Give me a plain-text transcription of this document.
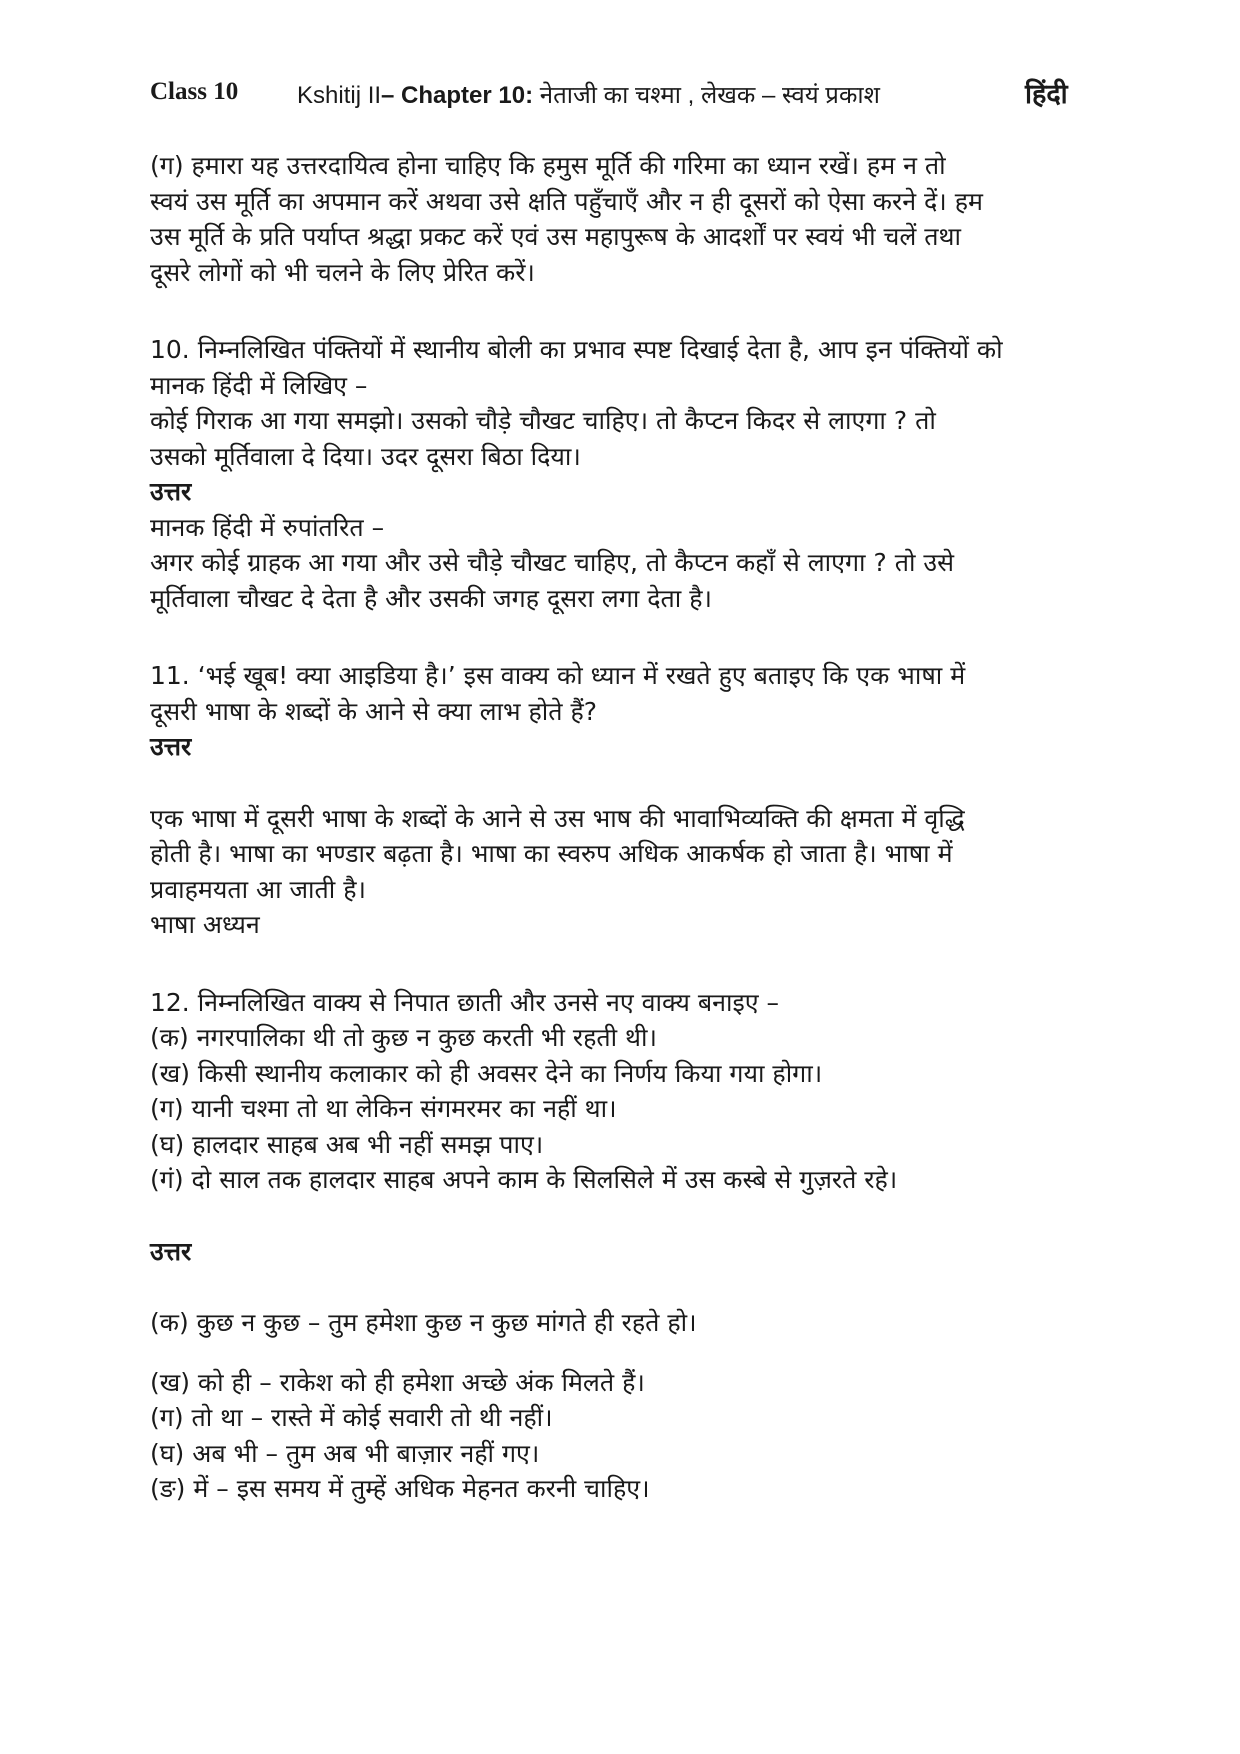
Class 10 Kshitij II– Chapter 10: नेताजी का चश्मा , लेखक – स्वयं प्रकाश	हिंदी
(ग) हमारा यह उत्तरदायित्व होना चाहिए कि हमुस मूर्ति की गरिमा का ध्यान रखें। हम न तो
स्वयं उस मूर्ति का अपमान करें अथवा उसे क्षति पहुँचाएँ और न ही दूसरों को ऐसा करने दें। हम
उस मूर्ति के प्रति पर्याप्त श्रद्धा प्रकट करें एवं उस महापुरूष के आदर्शों पर स्वयं भी चलें तथा
दूसरे लोगों को भी चलने के लिए प्रेरित करें।
10. निम्नलिखित पंक्तियों में स्थानीय बोली का प्रभाव स्पष्ट दिखाई देता है, आप इन पंक्तियों को
मानक हिंदी में लिखिए –
कोई गिराक आ गया समझो। उसको चौड़े चौखट चाहिए। तो कैप्टन किदर से लाएगा ? तो
उसको मूर्तिवाला दे दिया। उदर दूसरा बिठा दिया।
उत्तर
मानक हिंदी में रुपांतरित –
अगर कोई ग्राहक आ गया और उसे चौड़े चौखट चाहिए, तो कैप्टन कहाँ से लाएगा ? तो उसे
मूर्तिवाला चौखट दे देता है और उसकी जगह दूसरा लगा देता है।
11. ‘भई खूब! क्या आइडिया है।’ इस वाक्य को ध्यान में रखते हुए बताइए कि एक भाषा में
दूसरी भाषा के शब्दों के आने से क्या लाभ होते हैं?
उत्तर
एक भाषा में दूसरी भाषा के शब्दों के आने से उस भाष की भावाभिव्यक्ति की क्षमता में वृद्धि
होती है। भाषा का भण्डार बढ़ता है। भाषा का स्वरुप अधिक आकर्षक हो जाता है। भाषा में
प्रवाहमयता आ जाती है।
भाषा अध्यन
12. निम्नलिखित वाक्य से निपात छाती और उनसे नए वाक्य बनाइए –
(क) नगरपालिका थी तो कुछ न कुछ करती भी रहती थी।
(ख) किसी स्थानीय कलाकार को ही अवसर देने का निर्णय किया गया होगा।
(ग) यानी चश्मा तो था लेकिन संगमरमर का नहीं था।
(घ) हालदार साहब अब भी नहीं समझ पाए।
(गं) दो साल तक हालदार साहब अपने काम के सिलसिले में उस कस्बे से गुज़रते रहे।
उत्तर
(क) कुछ न कुछ – तुम हमेशा कुछ न कुछ मांगते ही रहते हो।
(ख) को ही – राकेश को ही हमेशा अच्छे अंक मिलते हैं।
(ग) तो था – रास्ते में कोई सवारी तो थी नहीं।
(घ) अब भी – तुम अब भी बाज़ार नहीं गए।
(ङ) में – इस समय में तुम्हें अधिक मेहनत करनी चाहिए।
